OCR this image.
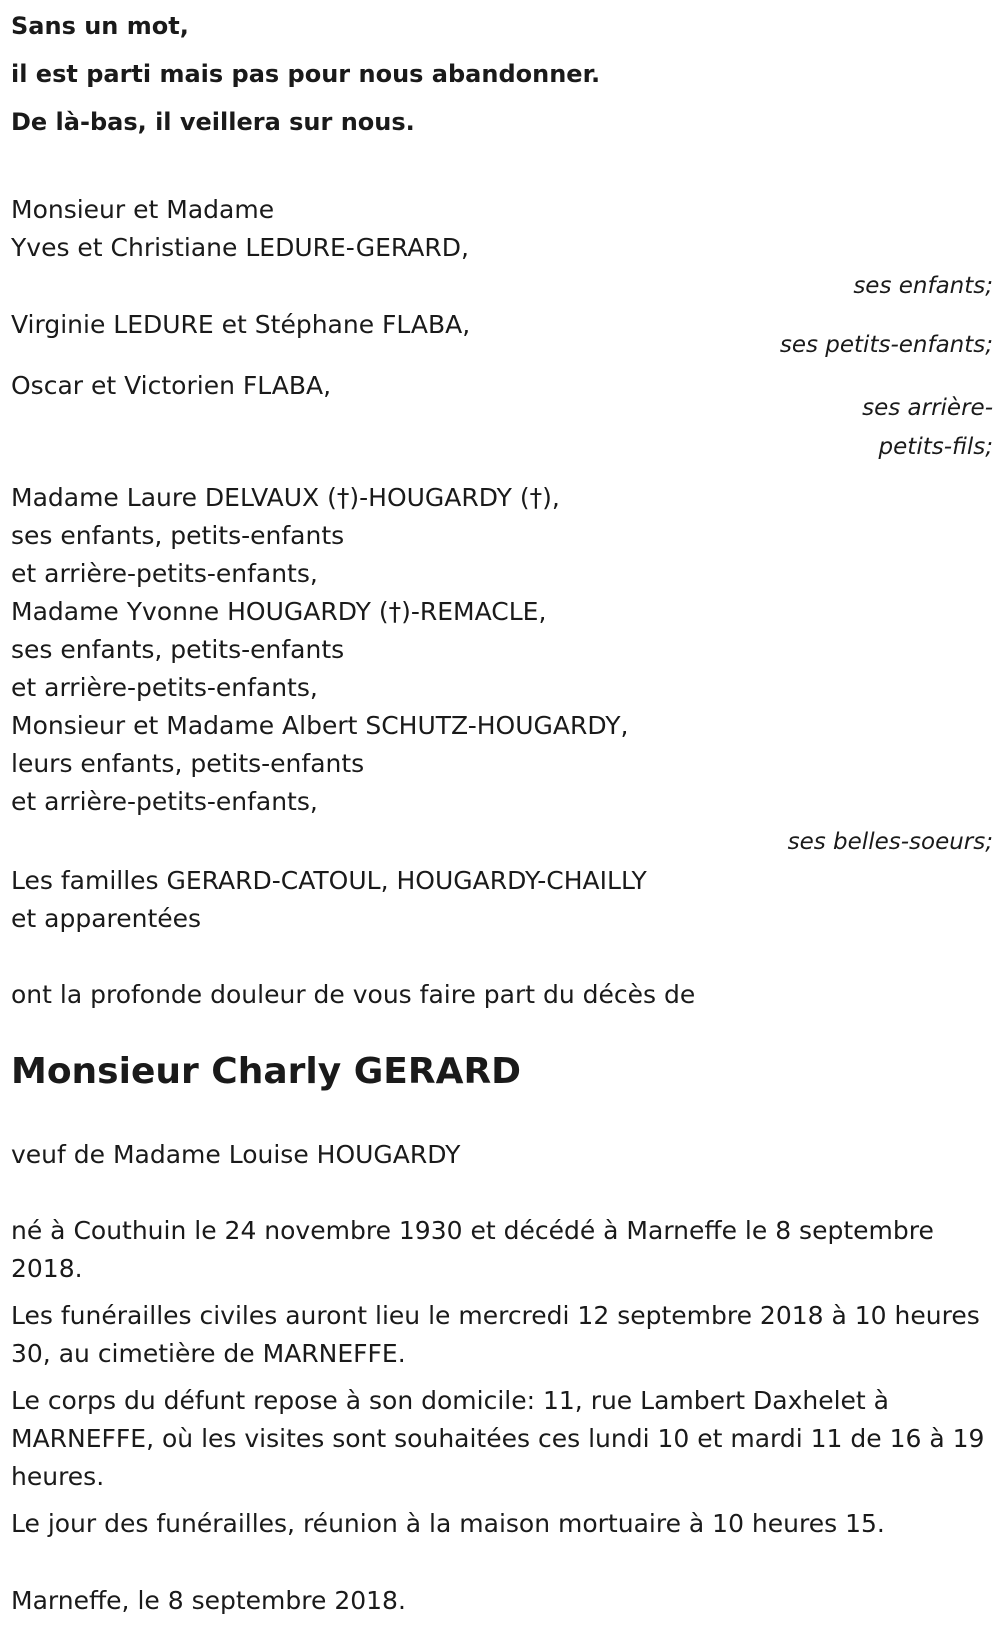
Sans un mot,
il est parti mais pas pour nous abandonner.
De là-bas, il veillera sur nous.
Monsieur et Madame
Yves et Christiane LEDURE-GERARD,
ses enfants;
Virginie LEDURE et Stéphane FLABA,
ses petits-enfants;
Oscar et Victorien FLABA,
ses arrière-
petits-fils;
Madame Laure DELVAUX (†)-HOUGARDY (†),
ses enfants, petits-enfants
et arrière-petits-enfants,
Madame Yvonne HOUGARDY (†)-REMACLE,
ses enfants, petits-enfants
et arrière-petits-enfants,
Monsieur et Madame Albert SCHUTZ-HOUGARDY,
leurs enfants, petits-enfants
et arrière-petits-enfants,
ses belles-soeurs;
Les familles GERARD-CATOUL, HOUGARDY-CHAILLY
et apparentées
ont la profonde douleur de vous faire part du décès de
Monsieur Charly GERARD
veuf de Madame Louise HOUGARDY
né à Couthuin le 24 novembre 1930 et décédé à Marneffe le 8 septembre 2018.
Les funérailles civiles auront lieu le mercredi 12 septembre 2018 à 10 heures 30, au cimetière de MARNEFFE.
Le corps du défunt repose à son domicile: 11, rue Lambert Daxhelet à MARNEFFE, où les visites sont souhaitées ces lundi 10 et mardi 11 de 16 à 19 heures.
Le jour des funérailles, réunion à la maison mortuaire à 10 heures 15.
Marneffe, le 8 septembre 2018.
